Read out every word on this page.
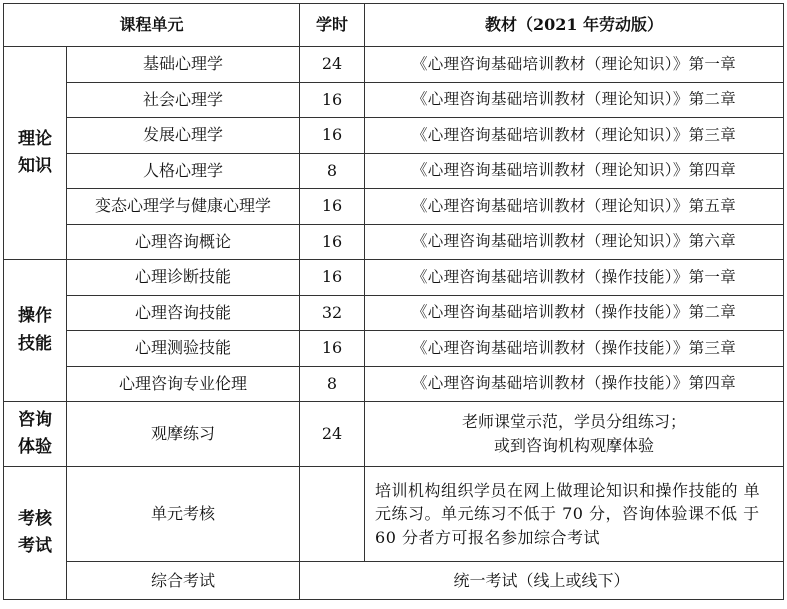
课程单元		学时	教材（2021 年劳动版）

理论
知识	基础心理学	24	《心理咨询基础培训教材（理论知识）》第一章
	社会心理学	16	《心理咨询基础培训教材（理论知识）》第二章
	发展心理学	16	《心理咨询基础培训教材（理论知识）》第三章
	人格心理学	8	《心理咨询基础培训教材（理论知识）》第四章
	变态心理学与健康心理学	16	《心理咨询基础培训教材（理论知识）》第五章
	心理咨询概论	16	《心理咨询基础培训教材（理论知识）》第六章

操作
技能	心理诊断技能	16	《心理咨询基础培训教材（操作技能）》第一章
	心理咨询技能	32	《心理咨询基础培训教材（操作技能）》第二章
	心理测验技能	16	《心理咨询基础培训教材（操作技能）》第三章
	心理咨询专业伦理	8	《心理咨询基础培训教材（操作技能）》第四章

咨询
体验	观摩练习	24	老师课堂示范，学员分组练习；
或到咨询机构观摩体验

考核
考试	单元考核		培训机构组织学员在网上做理论知识和操作技能的 单元练习。单元练习不低于 70 分，咨询体验课不低 于 60 分者方可报名参加综合考试
	综合考试	统一考试（线上或线下）	
